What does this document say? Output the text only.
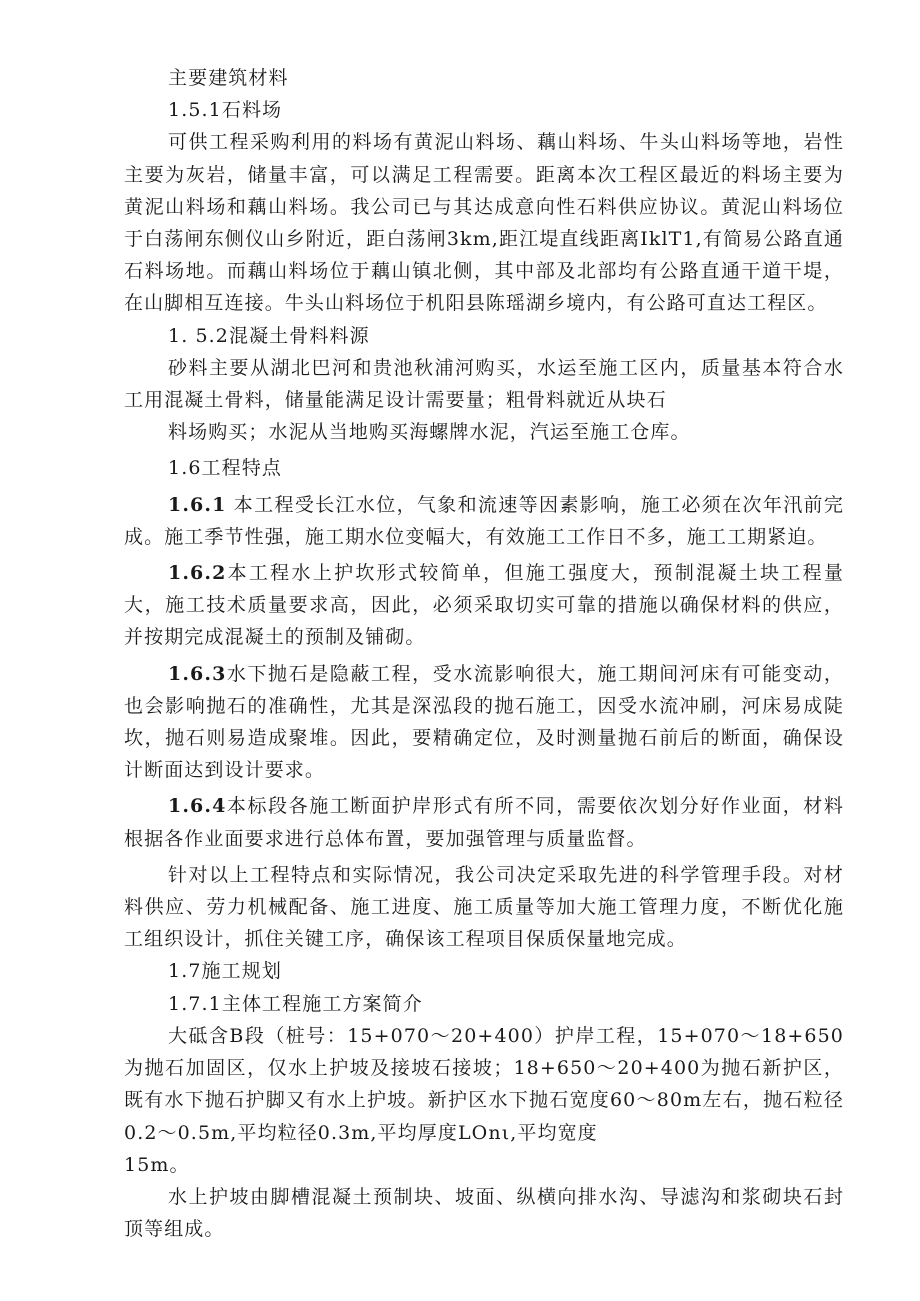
主要建筑材料

1.5.1石料场

可供工程采购利用的料场有黄泥山料场、藕山料场、牛头山料场等地，岩性主要为灰岩，储量丰富，可以满足工程需要。距离本次工程区最近的料场主要为黄泥山料场和藕山料场。我公司已与其达成意向性石料供应协议。黄泥山料场位于白荡闸东侧仪山乡附近，距白荡闸3km,距江堤直线距离IklT1,有简易公路直通石料场地。而藕山料场位于藕山镇北侧，其中部及北部均有公路直通干道干堤，在山脚相互连接。牛头山料场位于机阳县陈瑶湖乡境内，有公路可直达工程区。

1. 5.2混凝土骨料料源

砂料主要从湖北巴河和贵池秋浦河购买，水运至施工区内，质量基本符合水工用混凝土骨料，储量能满足设计需要量；粗骨料就近从块石

料场购买；水泥从当地购买海螺牌水泥，汽运至施工仓库。

1.6工程特点

1.6.1 本工程受长江水位，气象和流速等因素影响，施工必须在次年汛前完成。施工季节性强，施工期水位变幅大，有效施工工作日不多，施工工期紧迫。

1.6.2本工程水上护坎形式较简单，但施工强度大，预制混凝土块工程量大，施工技术质量要求高，因此，必须采取切实可靠的措施以确保材料的供应，并按期完成混凝土的预制及铺砌。

1.6.3水下抛石是隐蔽工程，受水流影响很大，施工期间河床有可能变动，也会影响抛石的准确性，尤其是深泓段的抛石施工，因受水流冲刷，河床易成陡坎，抛石则易造成聚堆。因此，要精确定位，及时测量抛石前后的断面，确保设计断面达到设计要求。

1.6.4本标段各施工断面护岸形式有所不同，需要依次划分好作业面，材料根据各作业面要求进行总体布置，要加强管理与质量监督。

针对以上工程特点和实际情况，我公司决定采取先进的科学管理手段。对材料供应、劳力机械配备、施工进度、施工质量等加大施工管理力度，不断优化施工组织设计，抓住关键工序，确保该工程项目保质保量地完成。

1.7施工规划

1.7.1主体工程施工方案简介

大砥含B段（桩号：15+070～20+400）护岸工程，15+070～18+650为抛石加固区，仅水上护坡及接坡石接坡；18+650～20+400为抛石新护区，既有水下抛石护脚又有水上护坡。新护区水下抛石宽度60～80m左右，抛石粒径0.2～0.5m,平均粒径0.3m,平均厚度LOnι,平均宽度

15m。

水上护坡由脚槽混凝土预制块、坡面、纵横向排水沟、导滤沟和浆砌块石封顶等组成。
